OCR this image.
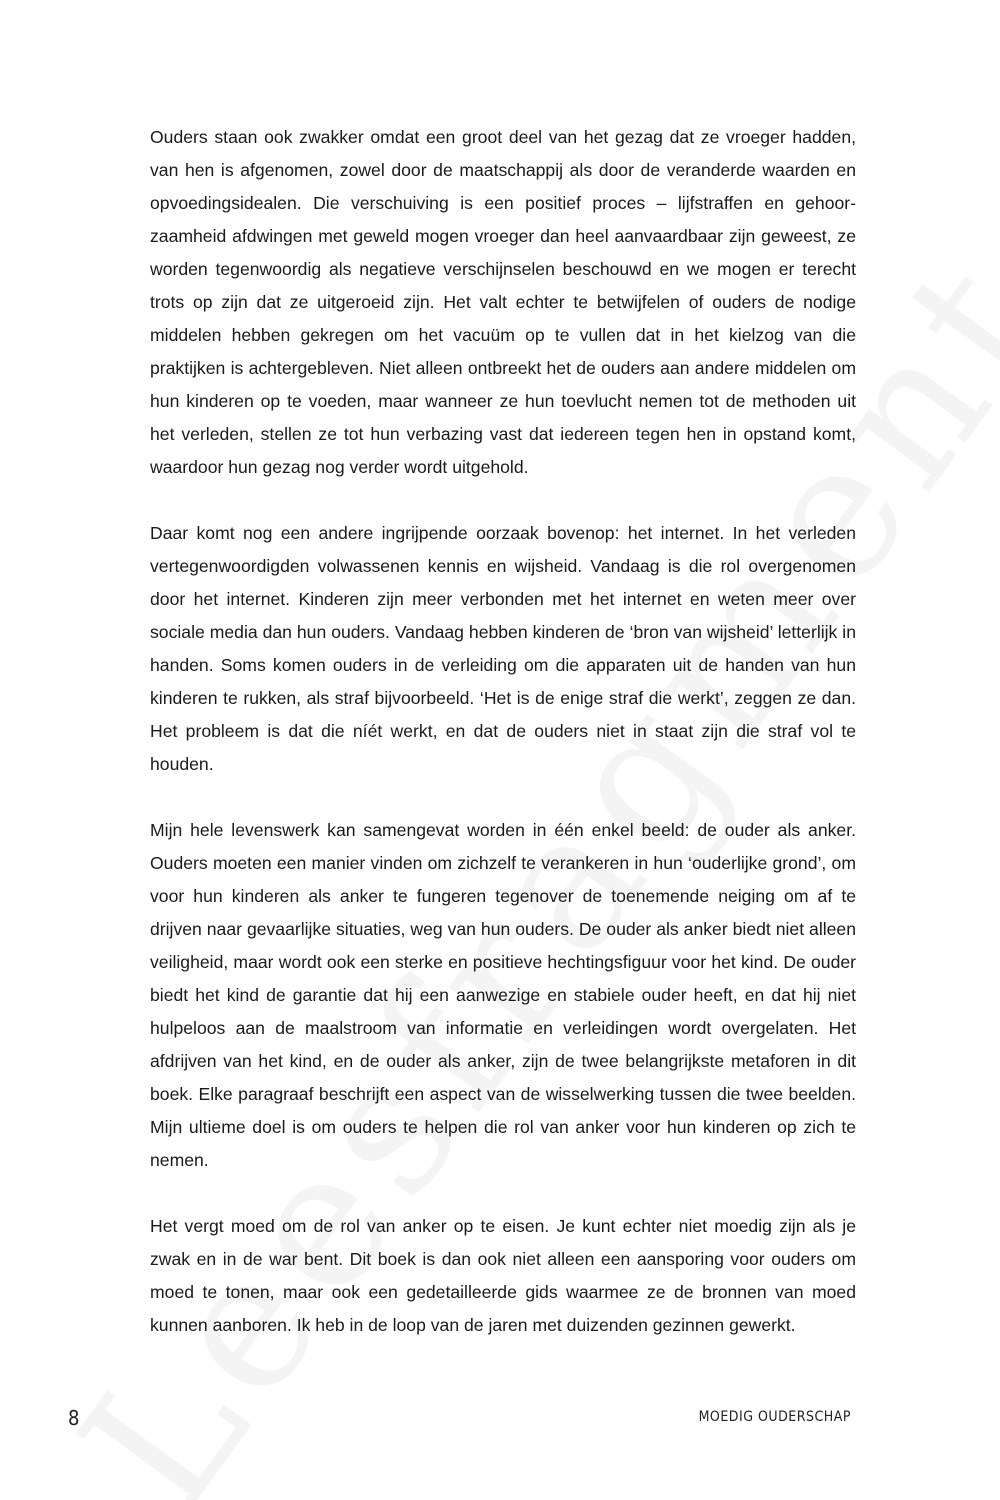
Ouders staan ook zwakker omdat een groot deel van het gezag dat ze vroeger hadden, van hen is afgenomen, zowel door de maatschappij als door de veranderde waarden en opvoedingsidealen. Die verschuiving is een positief proces – lijfstraffen en gehoorzaamheid afdwingen met geweld mogen vroeger dan heel aanvaardbaar zijn geweest, ze worden tegenwoordig als negatieve verschijnselen beschouwd en we mogen er terecht trots op zijn dat ze uitgeroeid zijn. Het valt echter te betwijfelen of ouders de nodige middelen hebben gekregen om het vacuüm op te vullen dat in het kielzog van die praktijken is achtergebleven. Niet alleen ontbreekt het de ouders aan andere middelen om hun kinderen op te voeden, maar wanneer ze hun toevlucht nemen tot de methoden uit het verleden, stellen ze tot hun verbazing vast dat iedereen tegen hen in opstand komt, waardoor hun gezag nog verder wordt uitgehold.

Daar komt nog een andere ingrijpende oorzaak bovenop: het internet. In het verleden vertegenwoordigden volwassenen kennis en wijsheid. Vandaag is die rol overgenomen door het internet. Kinderen zijn meer verbonden met het internet en weten meer over sociale media dan hun ouders. Vandaag hebben kinderen de ‘bron van wijsheid’ letterlijk in handen. Soms komen ouders in de verleiding om die apparaten uit de handen van hun kinderen te rukken, als straf bijvoorbeeld. ‘Het is de enige straf die werkt’, zeggen ze dan. Het probleem is dat die níét werkt, en dat de ouders niet in staat zijn die straf vol te houden.

Mijn hele levenswerk kan samengevat worden in één enkel beeld: de ouder als anker. Ouders moeten een manier vinden om zichzelf te verankeren in hun ‘ouderlijke grond’, om voor hun kinderen als anker te fungeren tegenover de toenemende neiging om af te drijven naar gevaarlijke situaties, weg van hun ouders. De ouder als anker biedt niet alleen veiligheid, maar wordt ook een sterke en positieve hechtingsfiguur voor het kind. De ouder biedt het kind de garantie dat hij een aanwezige en stabiele ouder heeft, en dat hij niet hulpeloos aan de maalstroom van informatie en verleidingen wordt overgelaten. Het afdrijven van het kind, en de ouder als anker, zijn de twee belangrijkste metaforen in dit boek. Elke paragraaf beschrijft een aspect van de wisselwerking tussen die twee beelden. Mijn ultieme doel is om ouders te helpen die rol van anker voor hun kinderen op zich te nemen.

Het vergt moed om de rol van anker op te eisen. Je kunt echter niet moedig zijn als je zwak en in de war bent. Dit boek is dan ook niet alleen een aansporing voor ouders om moed te tonen, maar ook een gedetailleerde gids waarmee ze de bronnen van moed kunnen aanboren. Ik heb in de loop van de jaren met duizenden gezinnen gewerkt.

8	MOEDIG OUDERSCHAP
